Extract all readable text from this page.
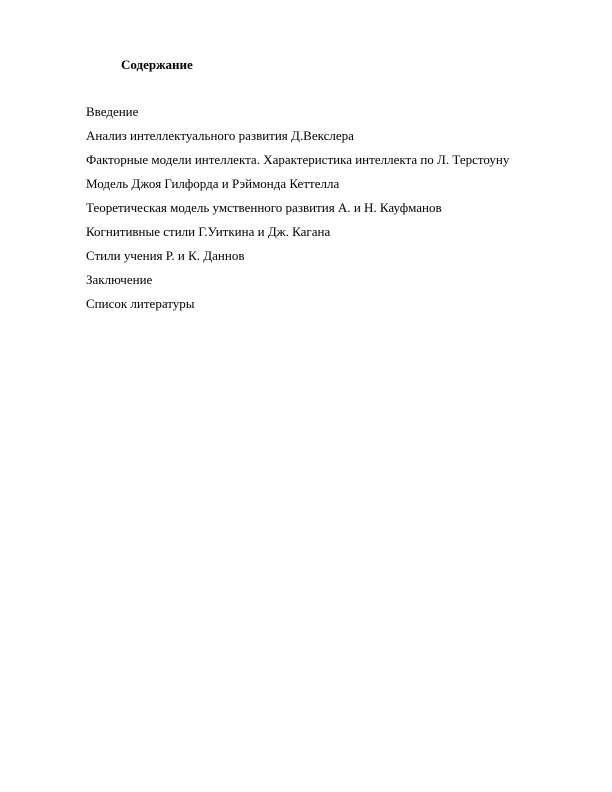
Содержание
Введение
Анализ интеллектуального развития Д.Векслера
Факторные модели интеллекта. Характеристика интеллекта по Л. Терстоуну
Модель Джоя Гилфорда и Рэймонда Кеттелла
Теоретическая модель умственного развития А. и Н. Кауфманов
Когнитивные стили Г.Уиткина и Дж. Кагана
Стили учения Р. и К. Даннов
Заключение
Список литературы
